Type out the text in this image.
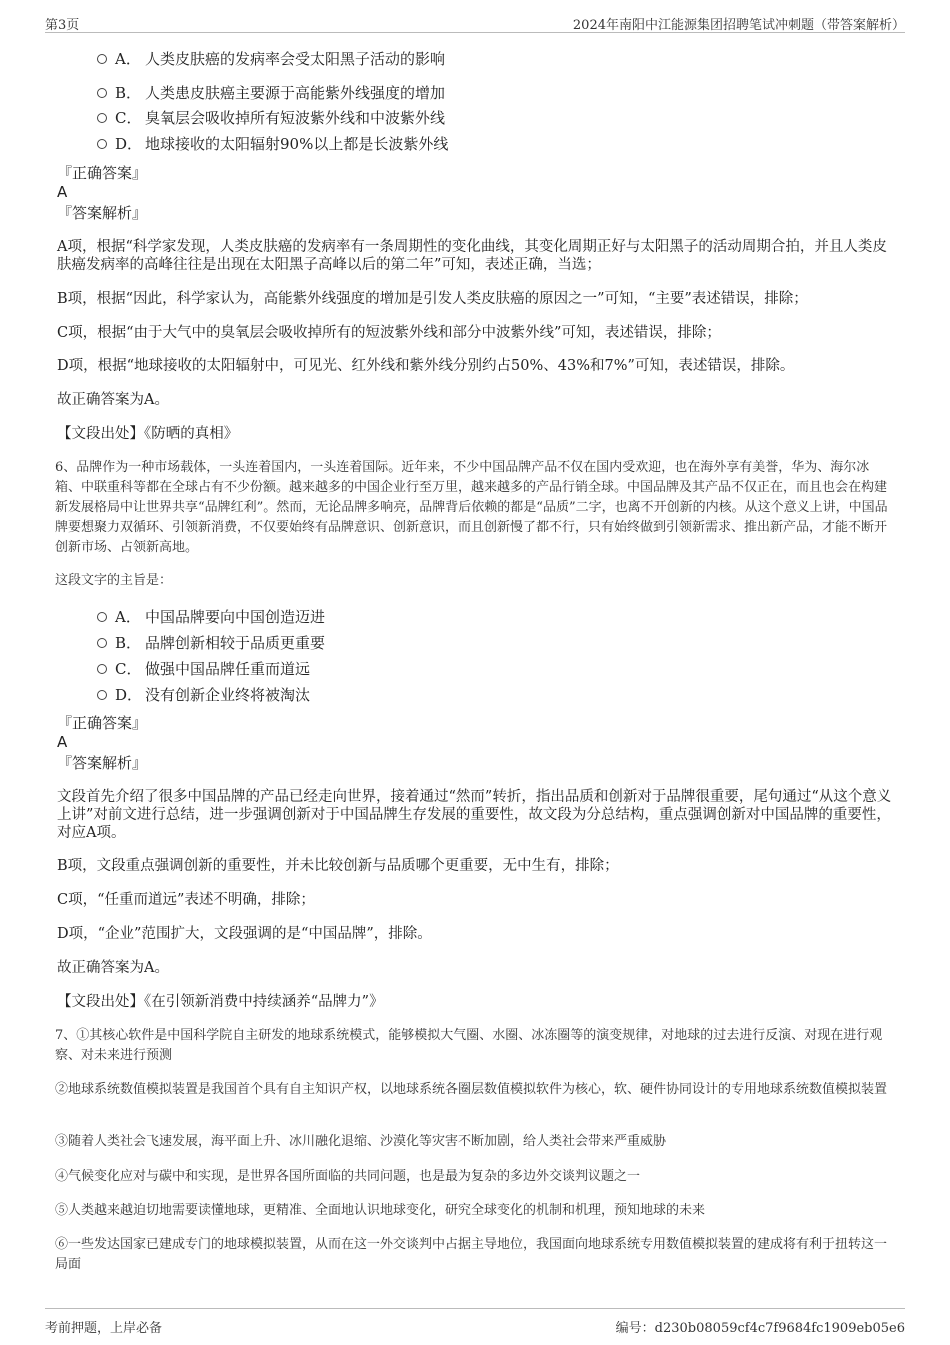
第3页	2024年南阳中江能源集团招聘笔试冲刺题（带答案解析）
A． 人类皮肤癌的发病率会受太阳黑子活动的影响
B． 人类患皮肤癌主要源于高能紫外线强度的增加
C． 臭氧层会吸收掉所有短波紫外线和中波紫外线
D． 地球接收的太阳辐射90%以上都是长波紫外线
『正确答案』
A
『答案解析』
A项，根据“科学家发现，人类皮肤癌的发病率有一条周期性的变化曲线，其变化周期正好与太阳黑子的活动周期合拍，并且人类皮肤癌发病率的高峰往往是出现在太阳黑子高峰以后的第二年”可知，表述正确，当选；
B项，根据“因此，科学家认为，高能紫外线强度的增加是引发人类皮肤癌的原因之一”可知，“主要”表述错误，排除；
C项，根据“由于大气中的臭氧层会吸收掉所有的短波紫外线和部分中波紫外线”可知，表述错误，排除；
D项，根据“地球接收的太阳辐射中，可见光、红外线和紫外线分别约占50%、43%和7%”可知，表述错误，排除。
故正确答案为A。
【文段出处】《防晒的真相》
6、品牌作为一种市场载体，一头连着国内，一头连着国际。近年来，不少中国品牌产品不仅在国内受欢迎，也在海外享有美誉，华为、海尔冰箱、中联重科等都在全球占有不少份额。越来越多的中国企业行至万里，越来越多的产品行销全球。中国品牌及其产品不仅正在，而且也会在构建新发展格局中让世界共享“品牌红利”。然而，无论品牌多响亮，品牌背后依赖的都是“品质”二字，也离不开创新的内核。从这个意义上讲，中国品牌要想聚力双循环、引领新消费，不仅要始终有品牌意识、创新意识，而且创新慢了都不行，只有始终做到引领新需求、推出新产品，才能不断开创新市场、占领新高地。
这段文字的主旨是：
A． 中国品牌要向中国创造迈进
B． 品牌创新相较于品质更重要
C． 做强中国品牌任重而道远
D． 没有创新企业终将被淘汰
『正确答案』
A
『答案解析』
文段首先介绍了很多中国品牌的产品已经走向世界，接着通过“然而”转折，指出品质和创新对于品牌很重要，尾句通过“从这个意义上讲”对前文进行总结，进一步强调创新对于中国品牌生存发展的重要性，故文段为分总结构，重点强调创新对中国品牌的重要性，对应A项。
B项，文段重点强调创新的重要性，并未比较创新与品质哪个更重要，无中生有，排除；
C项，“任重而道远”表述不明确，排除；
D项，“企业”范围扩大，文段强调的是“中国品牌”，排除。
故正确答案为A。
【文段出处】《在引领新消费中持续涵养“品牌力”》
7、①其核心软件是中国科学院自主研发的地球系统模式，能够模拟大气圈、水圈、冰冻圈等的演变规律，对地球的过去进行反演、对现在进行观察、对未来进行预测
②地球系统数值模拟装置是我国首个具有自主知识产权，以地球系统各圈层数值模拟软件为核心，软、硬件协同设计的专用地球系统数值模拟装置
③随着人类社会飞速发展，海平面上升、冰川融化退缩、沙漠化等灾害不断加剧，给人类社会带来严重威胁
④气候变化应对与碳中和实现，是世界各国所面临的共同问题，也是最为复杂的多边外交谈判议题之一
⑤人类越来越迫切地需要读懂地球，更精准、全面地认识地球变化，研究全球变化的机制和机理，预知地球的未来
⑥一些发达国家已建成专门的地球模拟装置，从而在这一外交谈判中占据主导地位，我国面向地球系统专用数值模拟装置的建成将有利于扭转这一局面
考前押题，上岸必备	编号：d230b08059cf4c7f9684fc1909eb05e6
